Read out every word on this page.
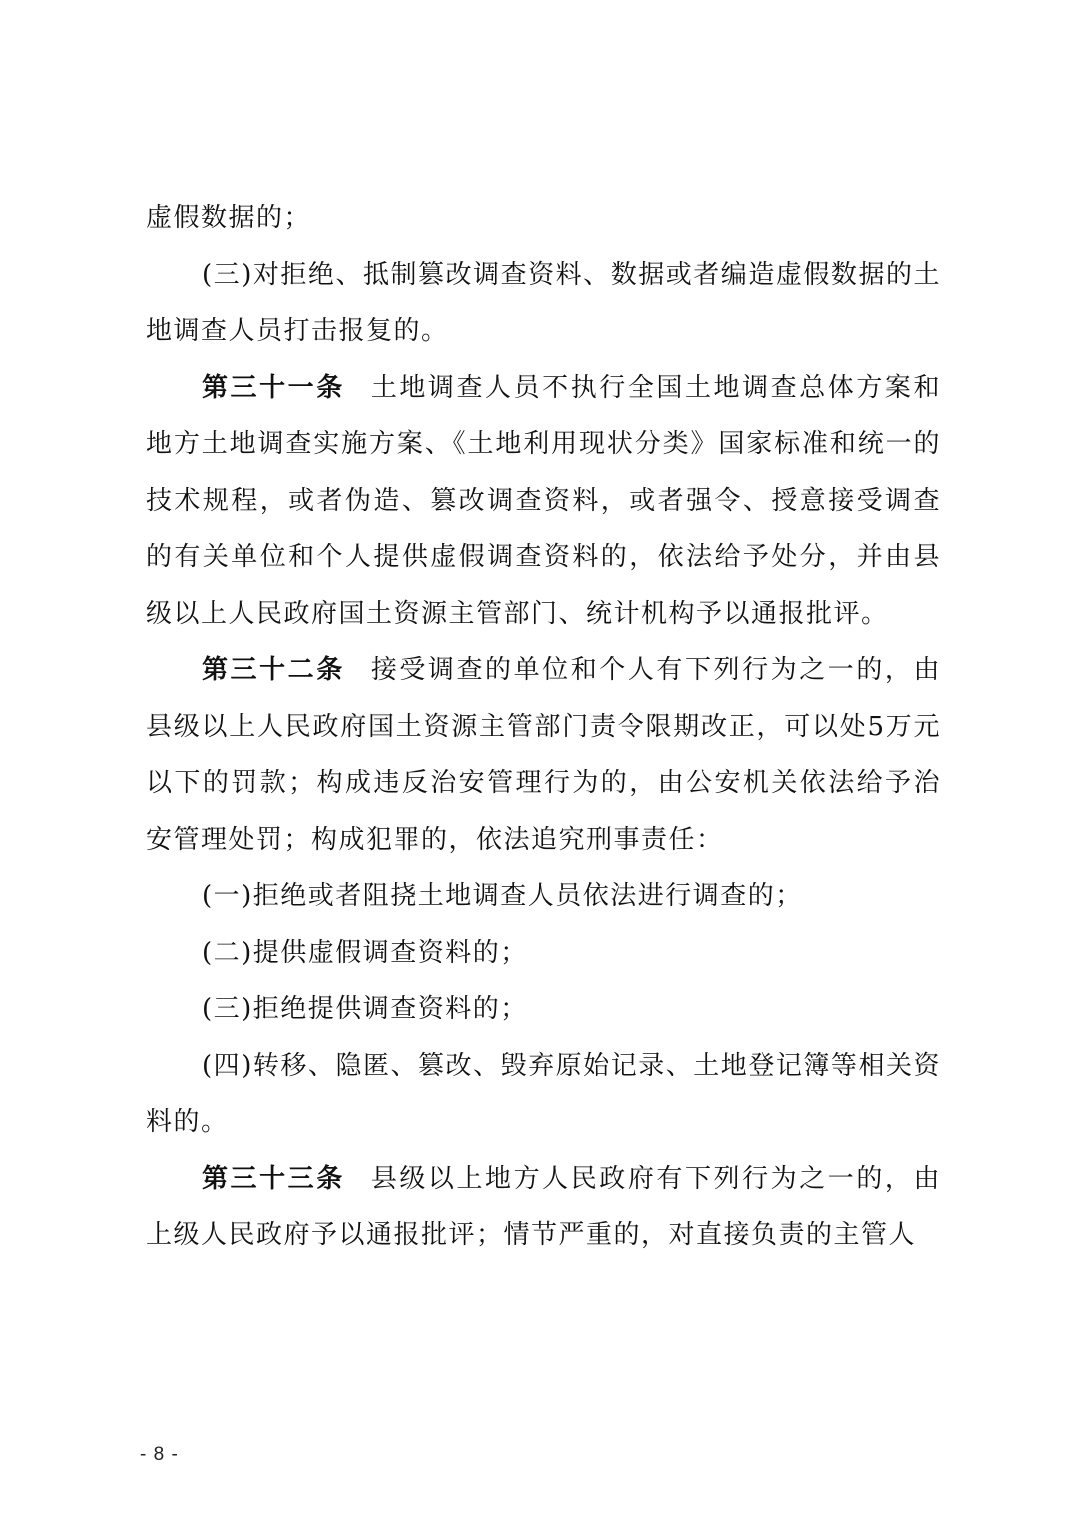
虚假数据的；

(三)对拒绝、抵制篡改调查资料、数据或者编造虚假数据的土地调查人员打击报复的。

第三十一条 土地调查人员不执行全国土地调查总体方案和地方土地调查实施方案、《土地利用现状分类》国家标准和统一的技术规程，或者伪造、篡改调查资料，或者强令、授意接受调查的有关单位和个人提供虚假调查资料的，依法给予处分，并由县级以上人民政府国土资源主管部门、统计机构予以通报批评。

第三十二条 接受调查的单位和个人有下列行为之一的，由县级以上人民政府国土资源主管部门责令限期改正，可以处5万元以下的罚款；构成违反治安管理行为的，由公安机关依法给予治安管理处罚；构成犯罪的，依法追究刑事责任：

(一)拒绝或者阻挠土地调查人员依法进行调查的；

(二)提供虚假调查资料的；

(三)拒绝提供调查资料的；

(四)转移、隐匿、篡改、毁弃原始记录、土地登记簿等相关资料的。

第三十三条 县级以上地方人民政府有下列行为之一的，由上级人民政府予以通报批评；情节严重的，对直接负责的主管人

- 8 -
